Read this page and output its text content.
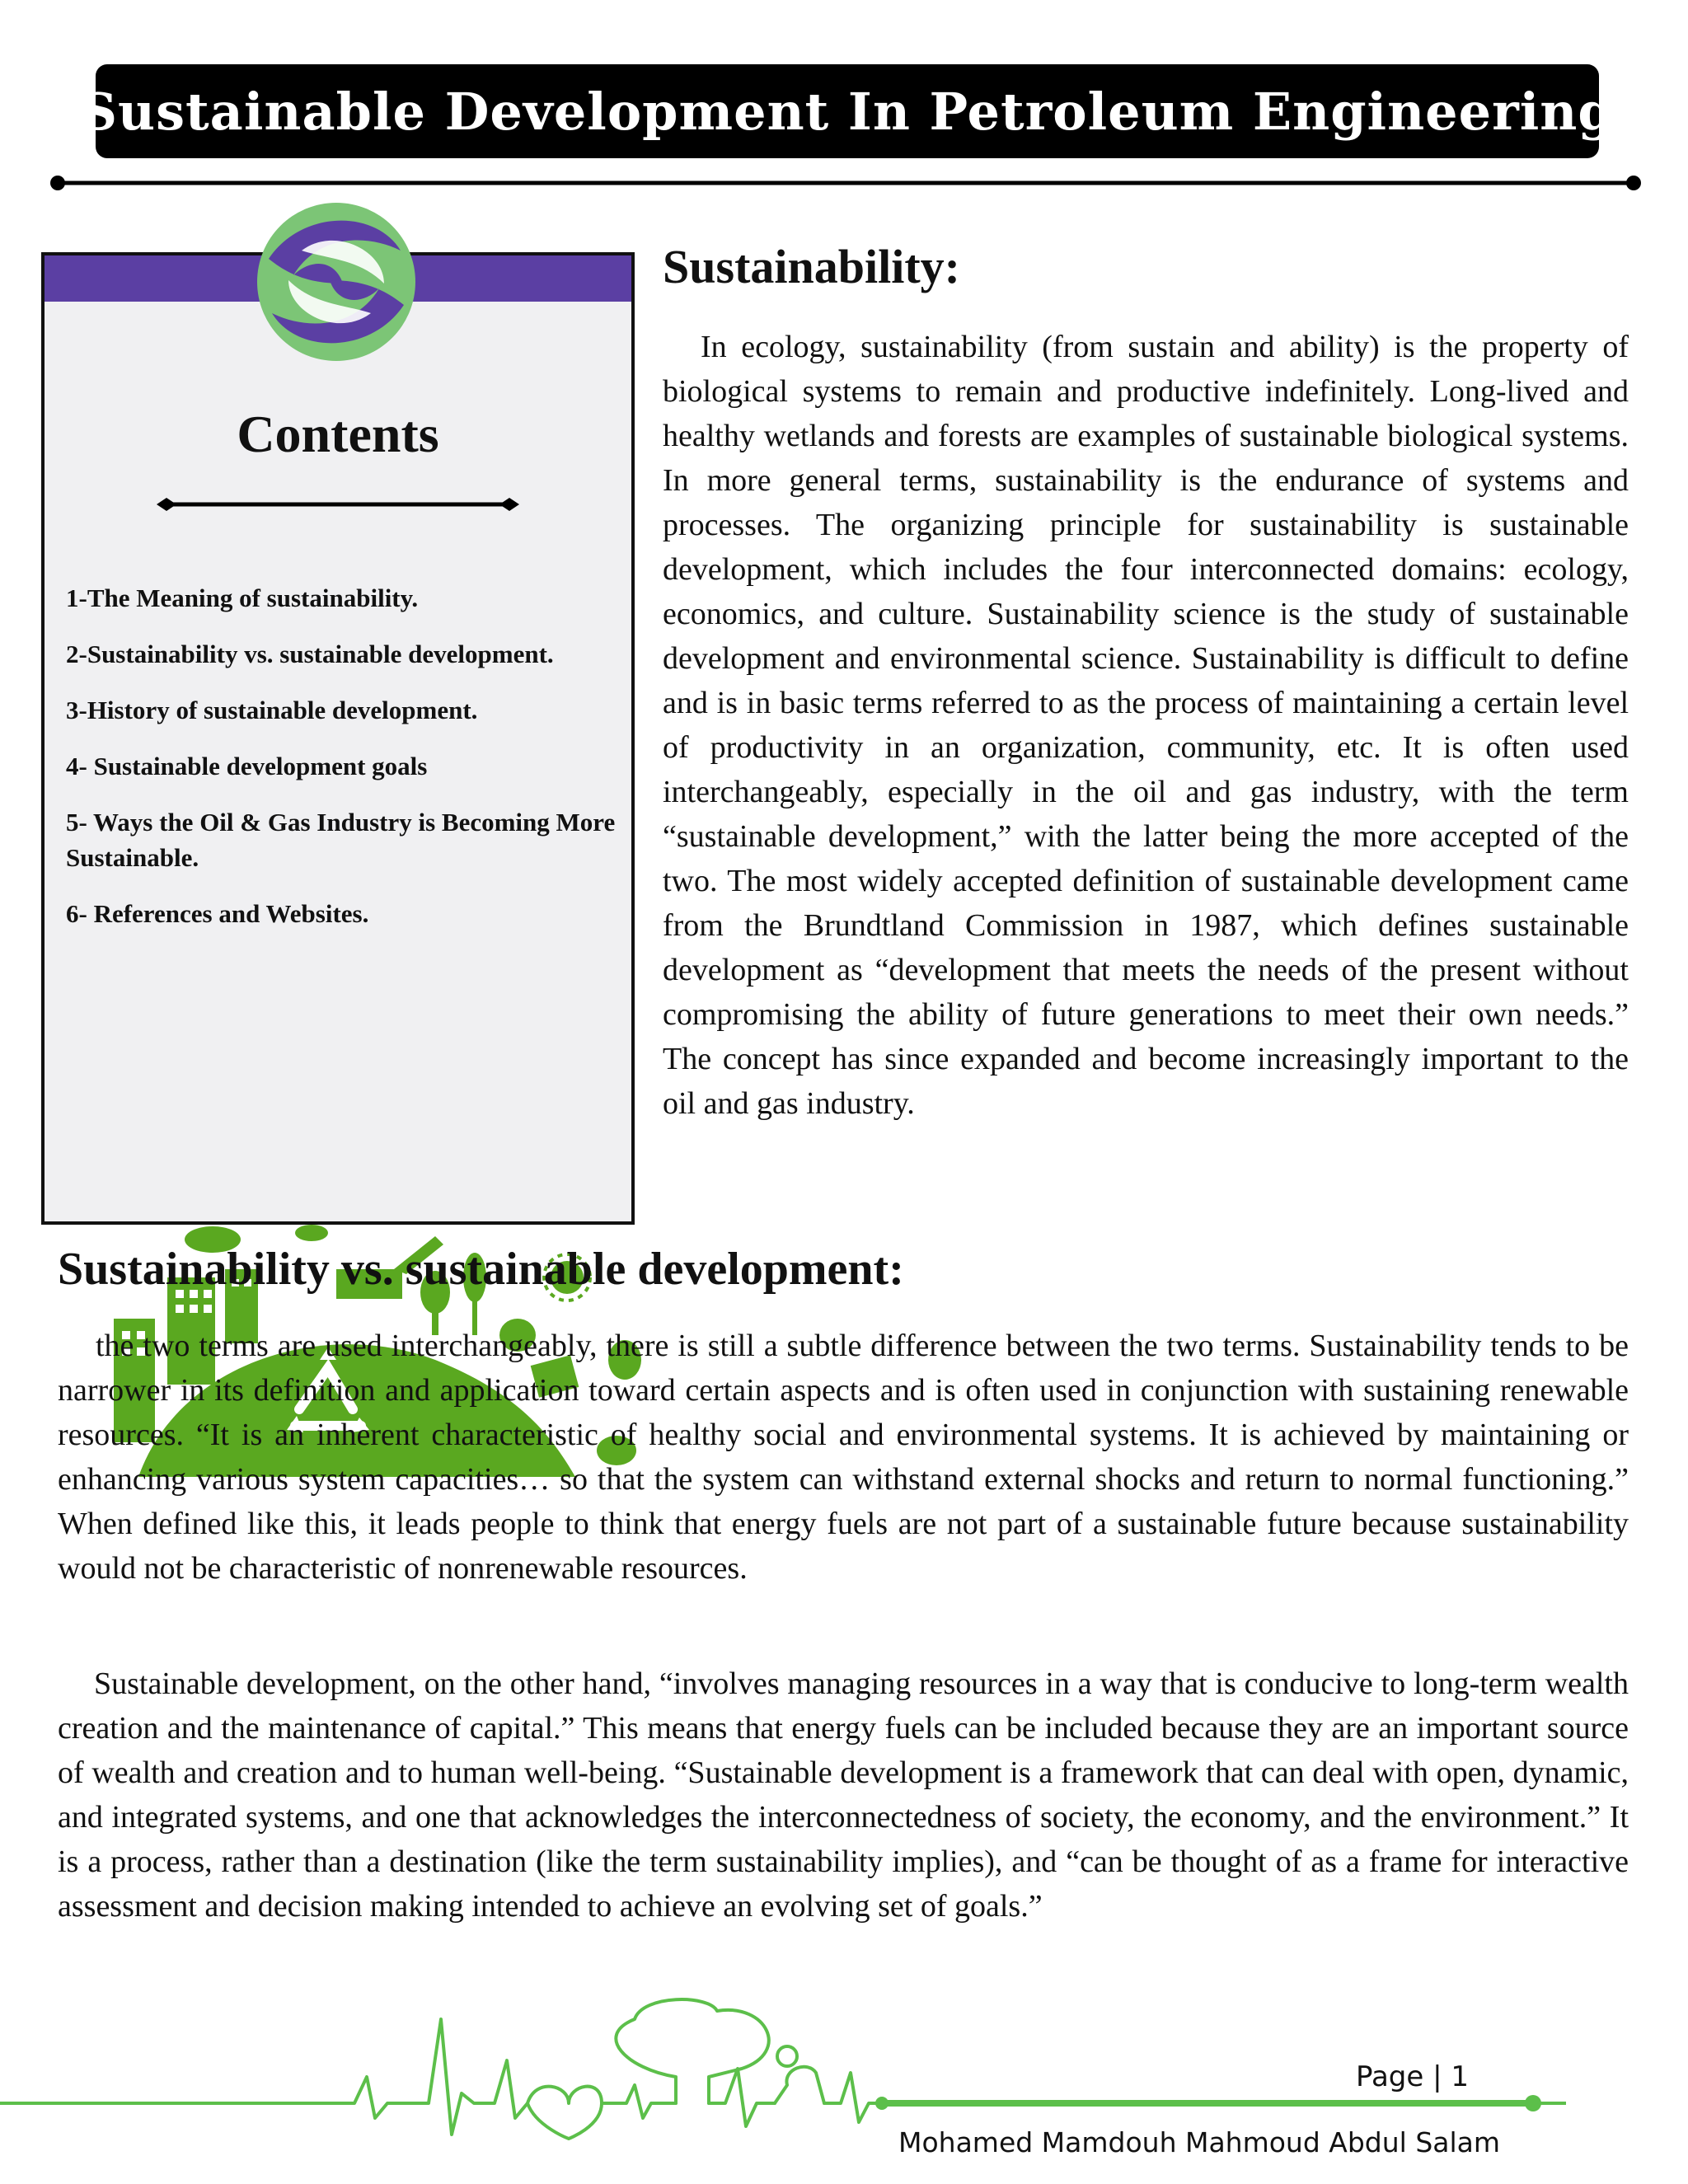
Sustainable Development In Petroleum Engineering
Contents
1-The Meaning of sustainability.
2-Sustainability vs. sustainable development.
3-History of sustainable development.
4- Sustainable development goals
5- Ways the Oil & Gas Industry is Becoming More Sustainable.
6- References and Websites.
Sustainability:

In ecology, sustainability (from sustain and ability) is the property of biological systems to remain and productive indefinitely. Long-lived and healthy wetlands and forests are examples of sustainable biological systems. In more general terms, sustainability is the endurance of systems and processes. The organizing principle for sustainability is sustainable development, which includes the four interconnected domains: ecology, economics, and culture. Sustainability science is the study of sustainable development and environmental science. Sustainability is difficult to define and is in basic terms referred to as the process of maintaining a certain level of productivity in an organization, community, etc. It is often used interchangeably, especially in the oil and gas industry, with the term “sustainable development,” with the latter being the more accepted of the two. The most widely accepted definition of sustainable development came from the Brundtland Commission in 1987, which defines sustainable development as “development that meets the needs of the present without compromising the ability of future generations to meet their own needs.” The concept has since expanded and become increasingly important to the oil and gas industry.

Sustainability vs. sustainable development:

the two terms are used interchangeably, there is still a subtle difference between the two terms. Sustainability tends to be narrower in its definition and application toward certain aspects and is often used in conjunction with sustaining renewable resources. “It is an inherent characteristic of healthy social and environmental systems. It is achieved by maintaining or enhancing various system capacities… so that the system can withstand external shocks and return to normal functioning.” When defined like this, it leads people to think that energy fuels are not part of a sustainable future because sustainability would not be characteristic of nonrenewable resources.

Sustainable development, on the other hand, “involves managing resources in a way that is conducive to long-term wealth creation and the maintenance of capital.” This means that energy fuels can be included because they are an important source of wealth and creation and to human well-being. “Sustainable development is a framework that can deal with open, dynamic, and integrated systems, and one that acknowledges the interconnectedness of society, the economy, and the environment.” It is a process, rather than a destination (like the term sustainability implies), and “can be thought of as a frame for interactive assessment and decision making intended to achieve an evolving set of goals.”

Page | 1
Mohamed Mamdouh Mahmoud Abdul Salam
